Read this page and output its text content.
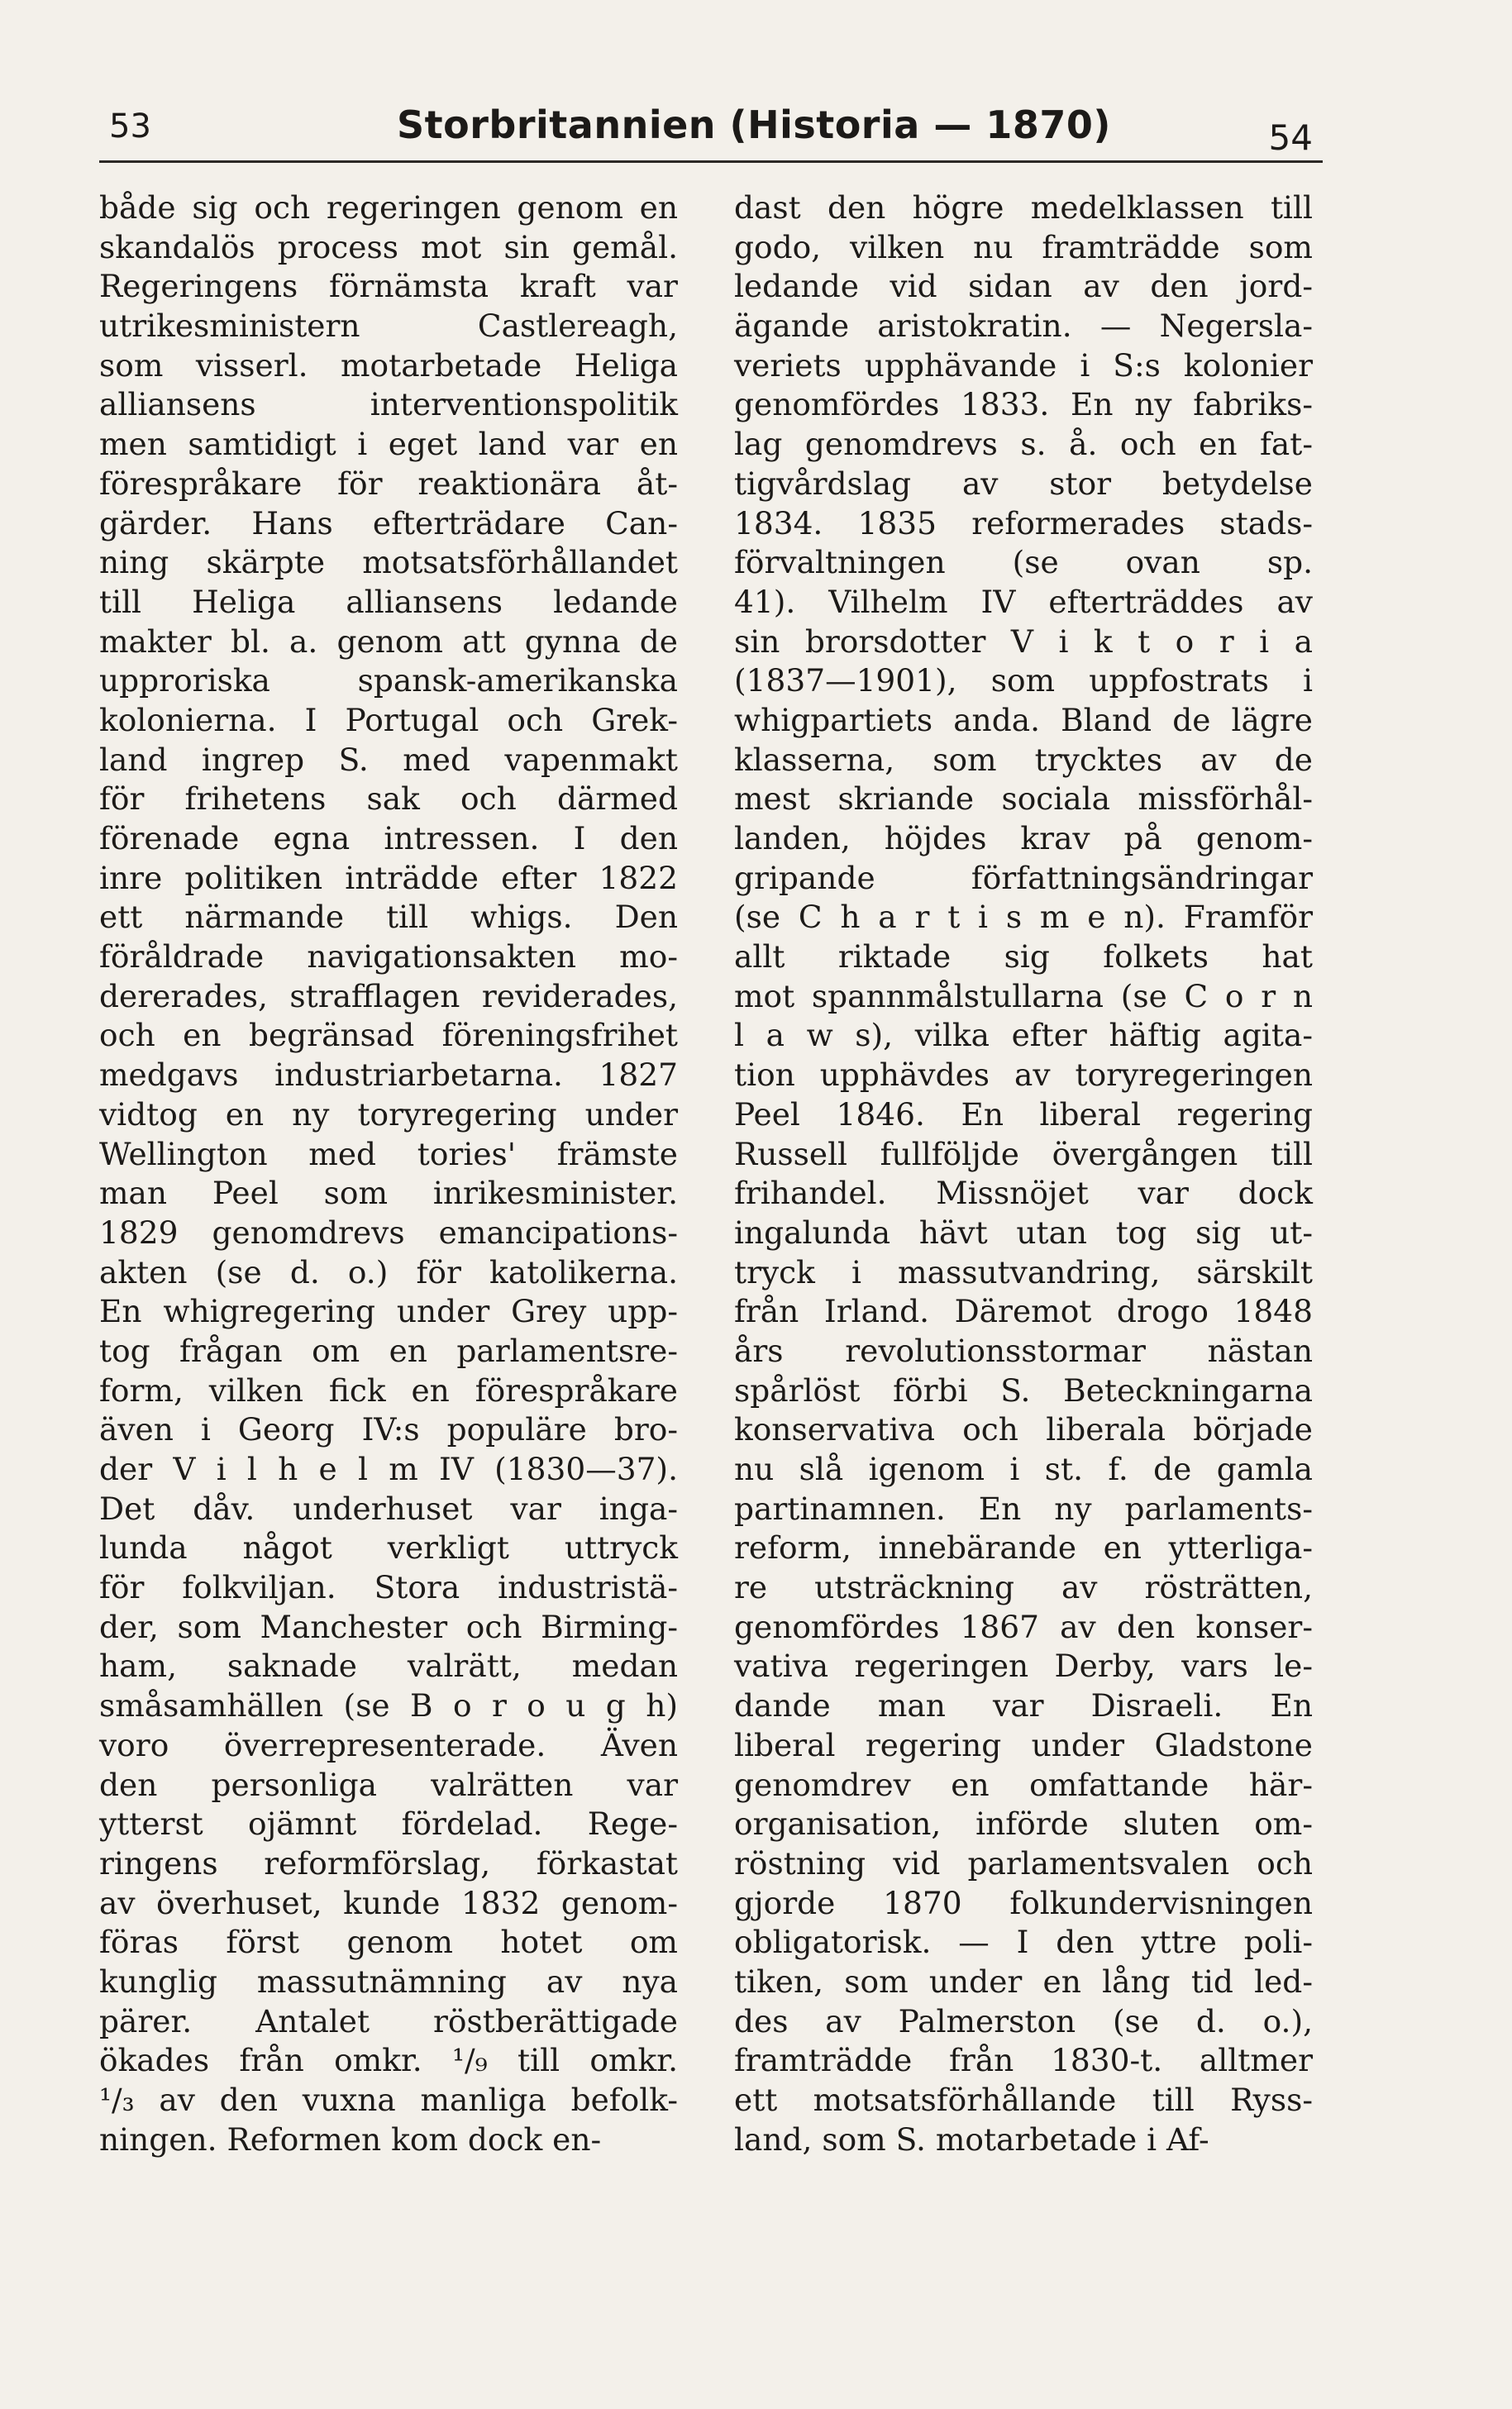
53	Storbritannien (Historia — 1870)	54
både sig och regeringen genom en
skandalös process mot sin gemål.
Regeringens förnämsta kraft var
utrikesministern Castlereagh,
som visserl. motarbetade Heliga
alliansens interventionspolitik
men samtidigt i eget land var en
förespråkare för reaktionära åt-
gärder. Hans efterträdare Can-
ning skärpte motsatsförhållandet
till Heliga alliansens ledande
makter bl. a. genom att gynna de
upproriska spansk-amerikanska
kolonierna. I Portugal och Grek-
land ingrep S. med vapenmakt
för frihetens sak och därmed
förenade egna intressen. I den
inre politiken inträdde efter 1822
ett närmande till whigs. Den
föråldrade navigationsakten mo-
dererades, strafflagen reviderades,
och en begränsad föreningsfrihet
medgavs industriarbetarna. 1827
vidtog en ny toryregering under
Wellington med tories' främste
man Peel som inrikesminister.
1829 genomdrevs emancipations-
akten (se d. o.) för katolikerna.
En whigregering under Grey upp-
tog frågan om en parlamentsre-
form, vilken fick en förespråkare
även i Georg IV:s populäre bro-
der V i l h e l m IV (1830—37).
Det dåv. underhuset var inga-
lunda något verkligt uttryck
för folkviljan. Stora industristä-
der, som Manchester och Birming-
ham, saknade valrätt, medan
småsamhällen (se B o r o u g h)
voro överrepresenterade. Även
den personliga valrätten var
ytterst ojämnt fördelad. Rege-
ringens reformförslag, förkastat
av överhuset, kunde 1832 genom-
föras först genom hotet om
kunglig massutnämning av nya
pärer. Antalet röstberättigade
ökades från omkr. ¹/₉ till omkr.
¹/₃ av den vuxna manliga befolk-
ningen. Reformen kom dock en-
dast den högre medelklassen till
godo, vilken nu framträdde som
ledande vid sidan av den jord-
ägande aristokratin. — Negersla-
veriets upphävande i S:s kolonier
genomfördes 1833. En ny fabriks-
lag genomdrevs s. å. och en fat-
tigvårdslag av stor betydelse
1834. 1835 reformerades stads-
förvaltningen (se ovan sp.
41). Vilhelm IV efterträddes av
sin brorsdotter V i k t o r i a
(1837—1901), som uppfostrats i
whigpartiets anda. Bland de lägre
klasserna, som trycktes av de
mest skriande sociala missförhål-
landen, höjdes krav på genom-
gripande författningsändringar
(se C h a r t i s m e n). Framför
allt riktade sig folkets hat
mot spannmålstullarna (se C o r n
l a w s), vilka efter häftig agita-
tion upphävdes av toryregeringen
Peel 1846. En liberal regering
Russell fullföljde övergången till
frihandel. Missnöjet var dock
ingalunda hävt utan tog sig ut-
tryck i massutvandring, särskilt
från Irland. Däremot drogo 1848
års revolutionsstormar nästan
spårlöst förbi S. Beteckningarna
konservativa och liberala började
nu slå igenom i st. f. de gamla
partinamnen. En ny parlaments-
reform, innebärande en ytterliga-
re utsträckning av rösträtten,
genomfördes 1867 av den konser-
vativa regeringen Derby, vars le-
dande man var Disraeli. En
liberal regering under Gladstone
genomdrev en omfattande här-
organisation, införde sluten om-
röstning vid parlamentsvalen och
gjorde 1870 folkundervisningen
obligatorisk. — I den yttre poli-
tiken, som under en lång tid led-
des av Palmerston (se d. o.),
framträdde från 1830-t. alltmer
ett motsatsförhållande till Ryss-
land, som S. motarbetade i Af-
